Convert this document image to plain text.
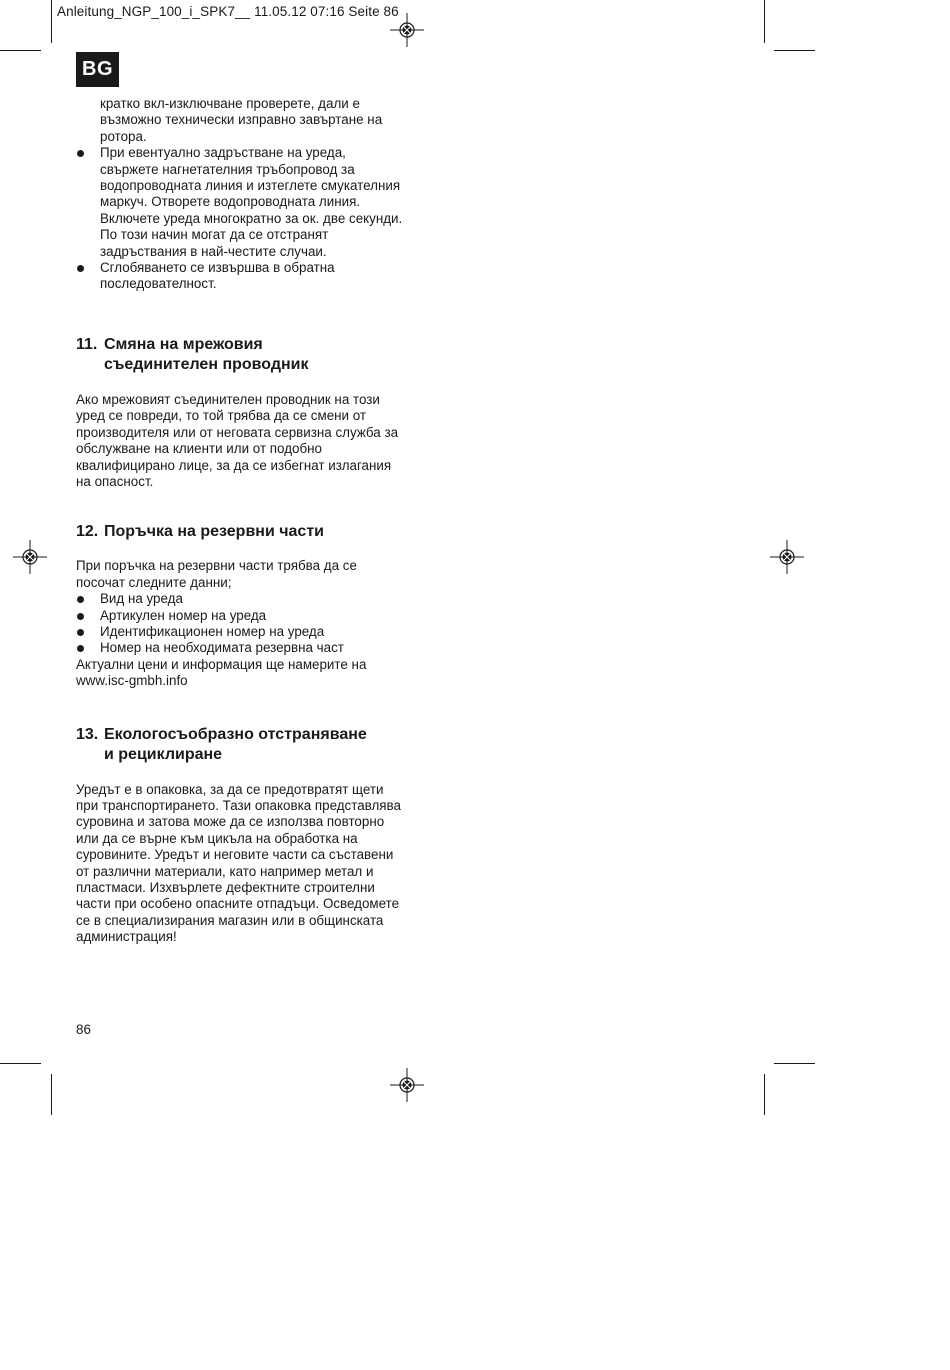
Anleitung_NGP_100_i_SPK7__ 11.05.12 07:16 Seite 86
BG
кратко вкл-изключване проверете, дали е възможно технически изправно завъртане на ротора.
При евентуално задръстване на уреда, свържете нагнетателния тръбопровод за водопроводната линия и изтеглете смукателния маркуч. Отворете водопроводната линия. Включете уреда многократно за ок. две секунди. По този начин могат да се отстранят задръствания в най-честите случаи.
Сглобяването се извършва в обратна последователност.
11. Смяна на мрежовия
съединителен проводник

Ако мрежовият съединителен проводник на този уред се повреди, то той трябва да се смени от производителя или от неговата сервизна служба за обслужване на клиенти или от подобно квалифицирано лице, за да се избегнат излагания на опасност.

12. Поръчка на резервни части

При поръчка на резервни части трябва да се посочат следните данни;

Вид на уреда
Артикулен номер на уреда
Идентификационен номер на уреда
Номер на необходимата резервна част

Актуални цени и информация ще намерите на www.isc-gmbh.info

13. Екологосъобразно отстраняване
и рециклиране

Уредът е в опаковка, за да се предотвратят щети при транспортирането. Тази опаковка представлява суровина и затова може да се използва повторно или да се върне към цикъла на обработка на суровините. Уредът и неговите части са съставени от различни материали, като например метал и пластмаси. Изхвърлете дефектните строителни части при особено опасните отпадъци. Осведомете се в специализирания магазин или в общинската администрация!

86
